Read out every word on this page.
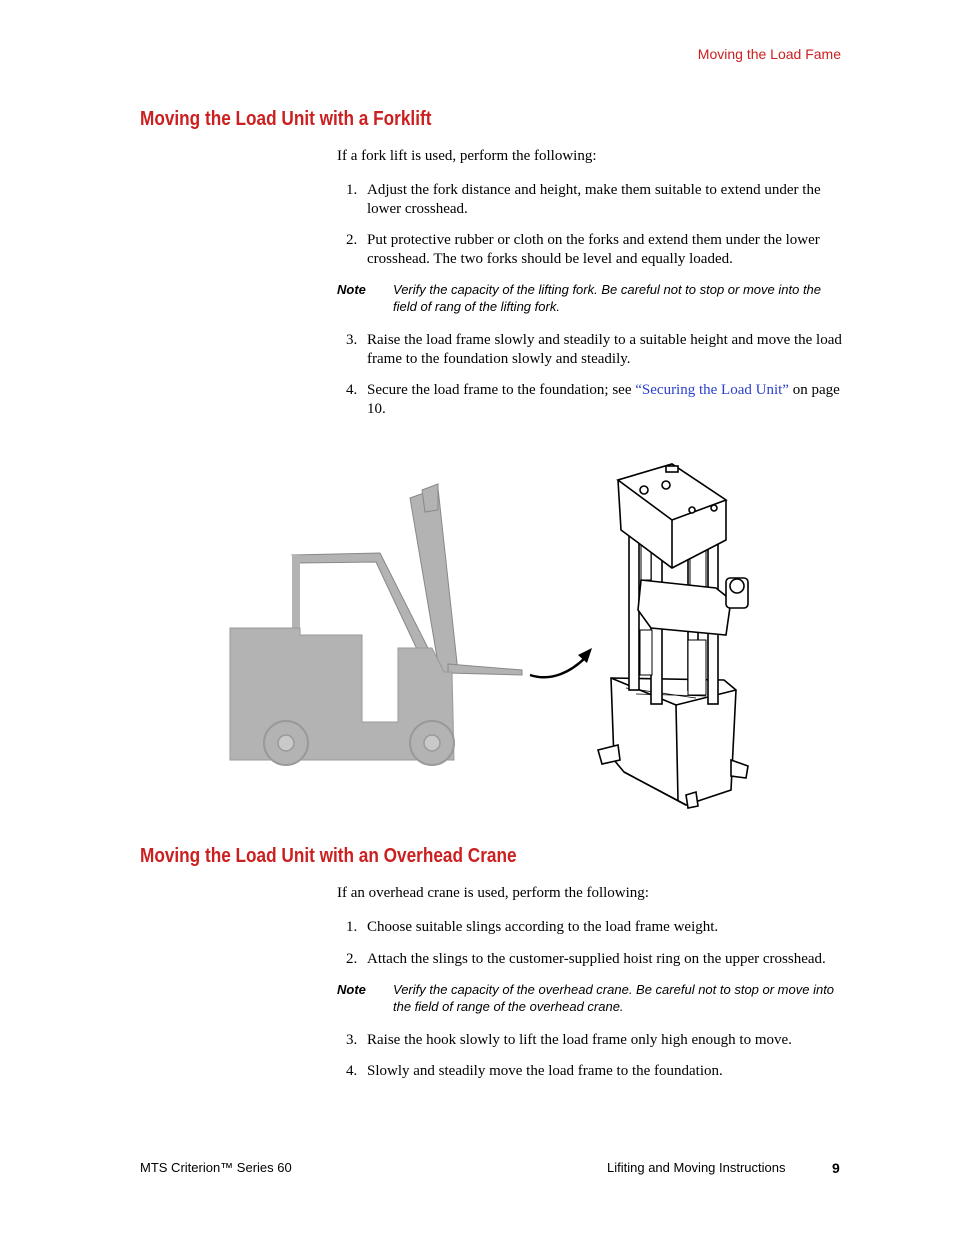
Moving the Load Fame
Moving the Load Unit with a Forklift
If a fork lift is used, perform the following:
1. Adjust the fork distance and height, make them suitable to extend under the lower crosshead.
2. Put protective rubber or cloth on the forks and extend them under the lower crosshead. The two forks should be level and equally loaded.
Note Verify the capacity of the lifting fork. Be careful not to stop or move into the field of rang of the lifting fork.
3. Raise the load frame slowly and steadily to a suitable height and move the load frame to the foundation slowly and steadily.
4. Secure the load frame to the foundation; see “Securing the Load Unit” on page 10.
Moving the Load Unit with an Overhead Crane
If an overhead crane is used, perform the following:
1. Choose suitable slings according to the load frame weight.
2. Attach the slings to the customer-supplied hoist ring on the upper crosshead.
Note Verify the capacity of the overhead crane. Be careful not to stop or move into the field of range of the overhead crane.
3. Raise the hook slowly to lift the load frame only high enough to move.
4. Slowly and steadily move the load frame to the foundation.
MTS Criterion™ Series 60	Lifiting and Moving Instructions	9
